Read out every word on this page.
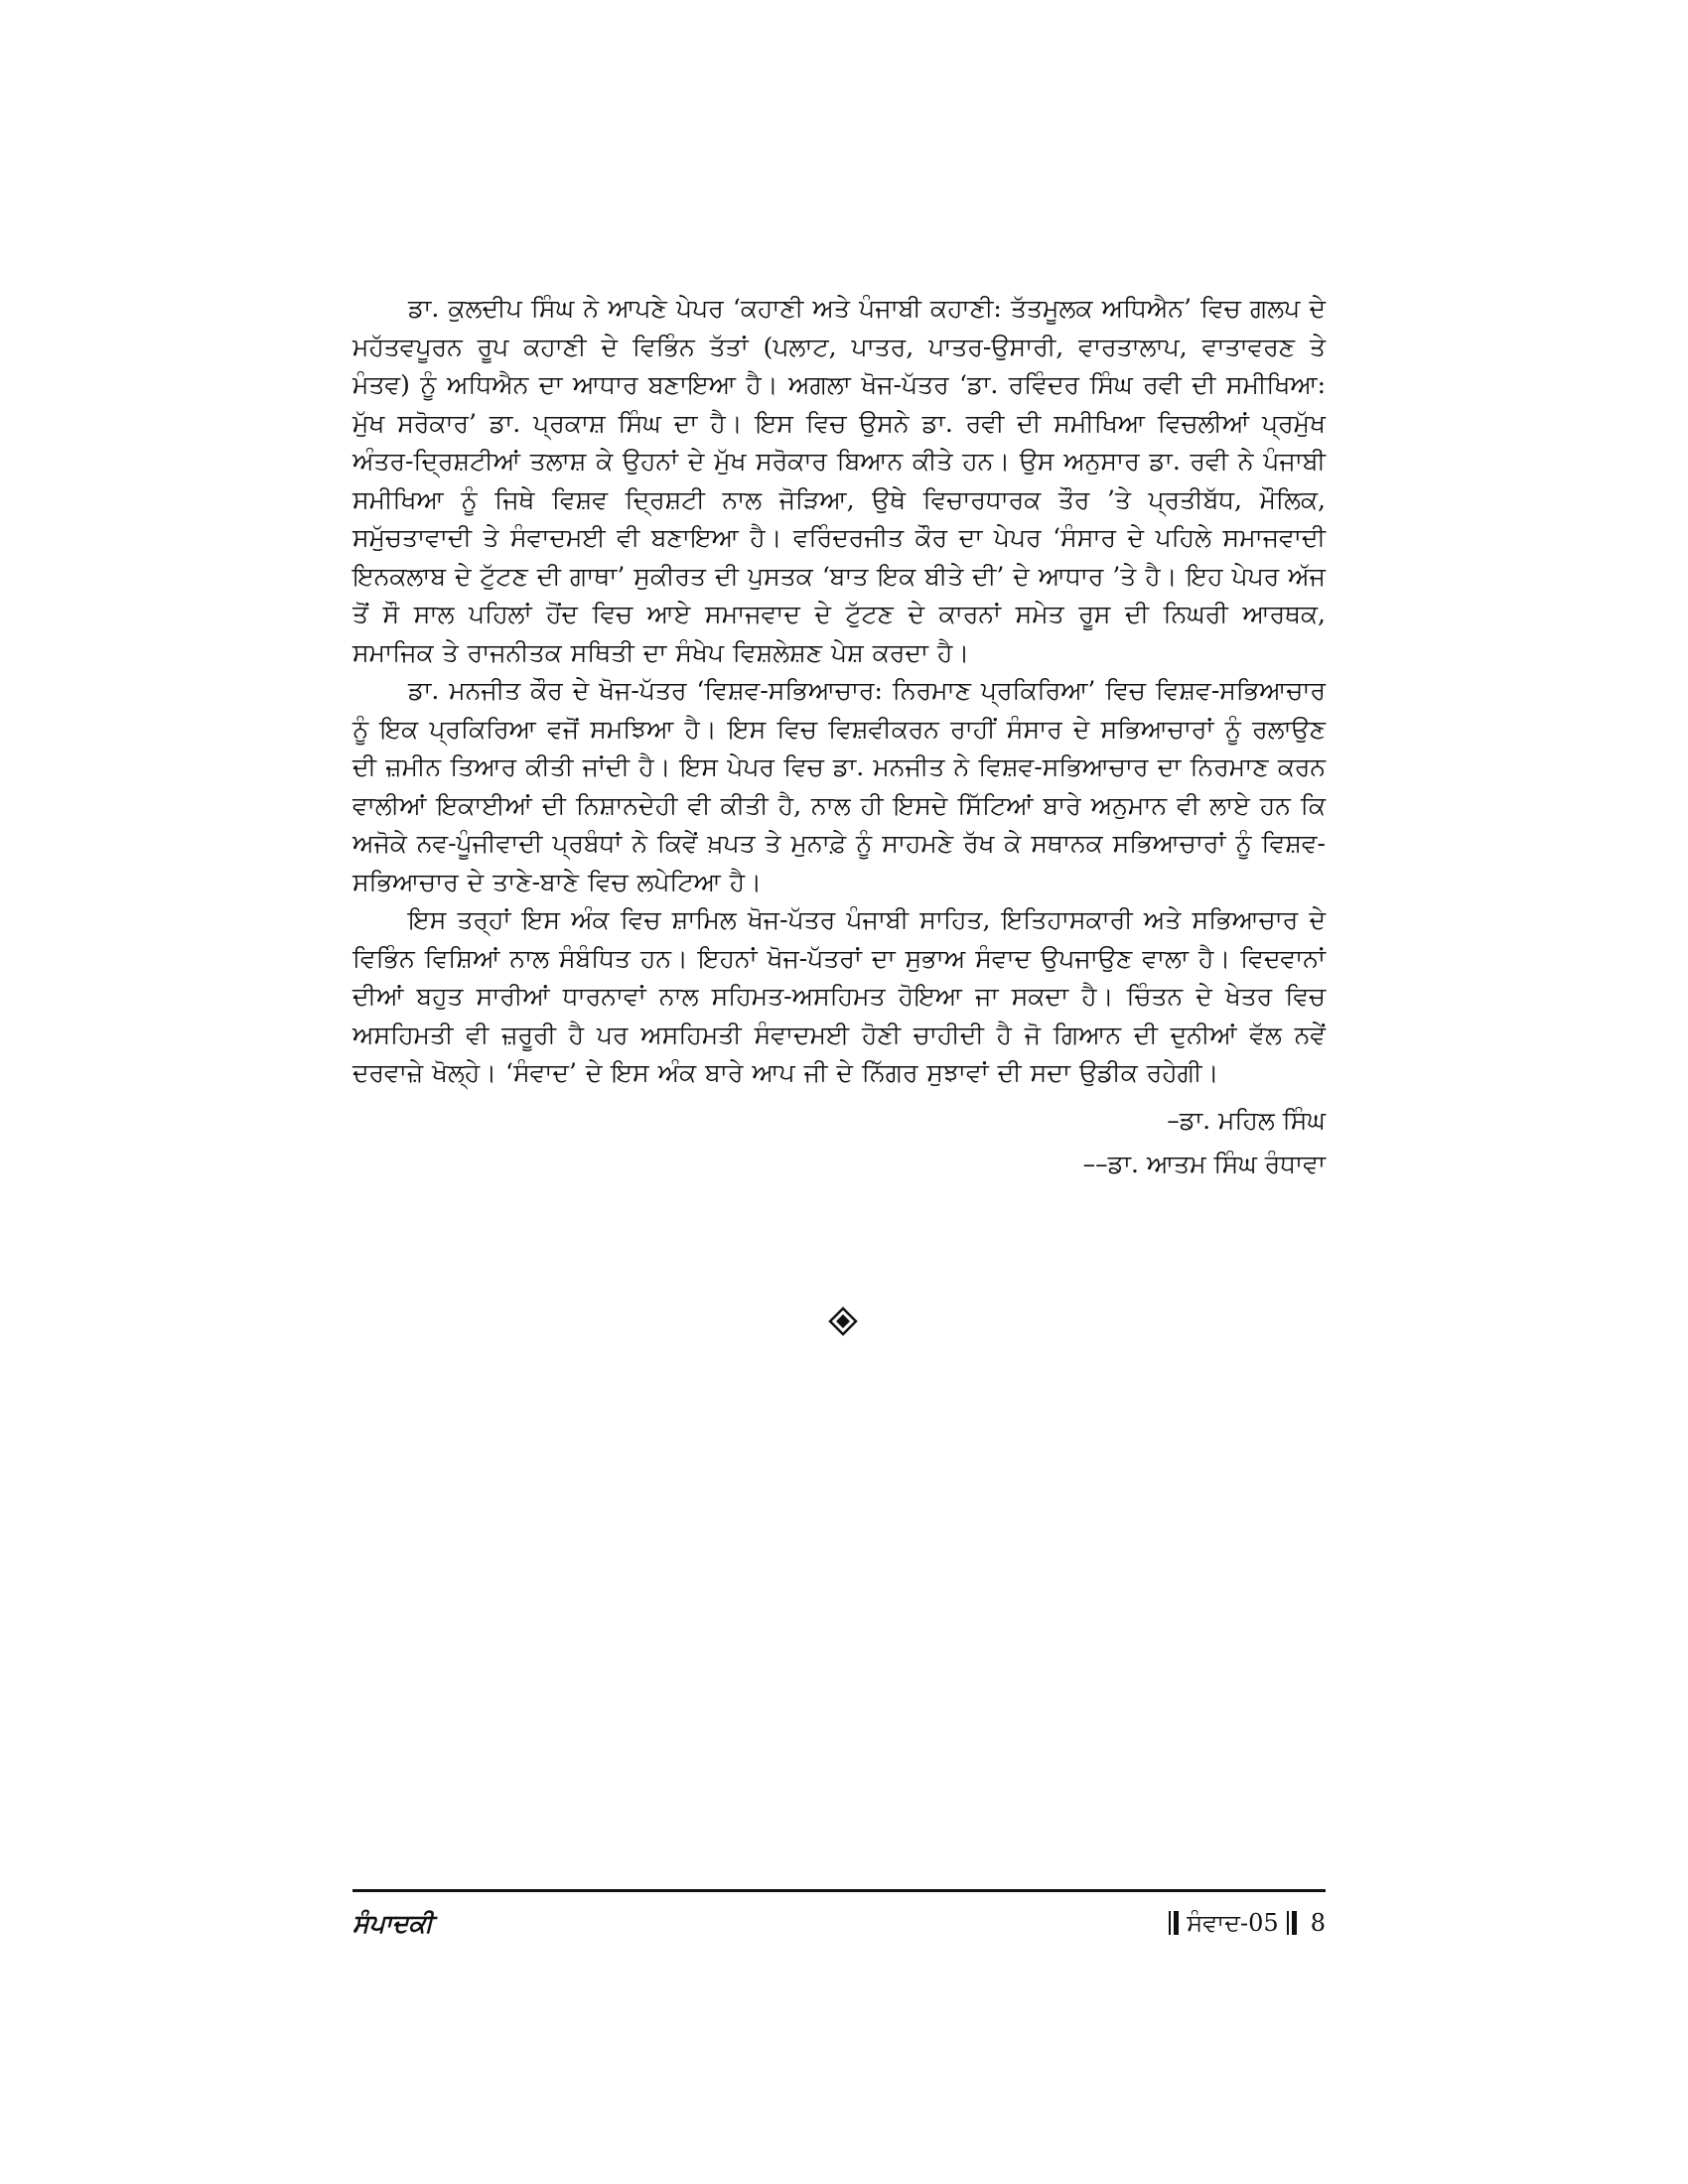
ਡਾ. ਕੁਲਦੀਪ ਸਿੰਘ ਨੇ ਆਪਣੇ ਪੇਪਰ ‘ਕਹਾਣੀ ਅਤੇ ਪੰਜਾਬੀ ਕਹਾਣੀ: ਤੱਤਮੂਲਕ ਅਧਿਐਨ’ ਵਿਚ ਗਲਪ ਦੇ ਮਹੱਤਵਪੂਰਨ ਰੂਪ ਕਹਾਣੀ ਦੇ ਵਿਭਿੰਨ ਤੱਤਾਂ (ਪਲਾਟ, ਪਾਤਰ, ਪਾਤਰ-ਉਸਾਰੀ, ਵਾਰਤਾਲਾਪ, ਵਾਤਾਵਰਣ ਤੇ ਮੰਤਵ) ਨੂੰ ਅਧਿਐਨ ਦਾ ਆਧਾਰ ਬਣਾਇਆ ਹੈ। ਅਗਲਾ ਖੋਜ-ਪੱਤਰ ‘ਡਾ. ਰਵਿੰਦਰ ਸਿੰਘ ਰਵੀ ਦੀ ਸਮੀਖਿਆ: ਮੁੱਖ ਸਰੋਕਾਰ’ ਡਾ. ਪ੍ਰਕਾਸ਼ ਸਿੰਘ ਦਾ ਹੈ। ਇਸ ਵਿਚ ਉਸਨੇ ਡਾ. ਰਵੀ ਦੀ ਸਮੀਖਿਆ ਵਿਚਲੀਆਂ ਪ੍ਰਮੁੱਖ ਅੰਤਰ-ਦ੍ਰਿਸ਼ਟੀਆਂ ਤਲਾਸ਼ ਕੇ ਉਹਨਾਂ ਦੇ ਮੁੱਖ ਸਰੋਕਾਰ ਬਿਆਨ ਕੀਤੇ ਹਨ। ਉਸ ਅਨੁਸਾਰ ਡਾ. ਰਵੀ ਨੇ ਪੰਜਾਬੀ ਸਮੀਖਿਆ ਨੂੰ ਜਿਥੇ ਵਿਸ਼ਵ ਦ੍ਰਿਸ਼ਟੀ ਨਾਲ ਜੋੜਿਆ, ਉਥੇ ਵਿਚਾਰਧਾਰਕ ਤੌਰ ’ਤੇ ਪ੍ਰਤੀਬੱਧ, ਮੌਲਿਕ, ਸਮੁੱਚਤਾਵਾਦੀ ਤੇ ਸੰਵਾਦਮਈ ਵੀ ਬਣਾਇਆ ਹੈ। ਵਰਿੰਦਰਜੀਤ ਕੌਰ ਦਾ ਪੇਪਰ ‘ਸੰਸਾਰ ਦੇ ਪਹਿਲੇ ਸਮਾਜਵਾਦੀ ਇਨਕਲਾਬ ਦੇ ਟੁੱਟਣ ਦੀ ਗਾਥਾ’ ਸੁਕੀਰਤ ਦੀ ਪੁਸਤਕ ‘ਬਾਤ ਇਕ ਬੀਤੇ ਦੀ’ ਦੇ ਆਧਾਰ ’ਤੇ ਹੈ। ਇਹ ਪੇਪਰ ਅੱਜ ਤੋਂ ਸੌ ਸਾਲ ਪਹਿਲਾਂ ਹੋਂਦ ਵਿਚ ਆਏ ਸਮਾਜਵਾਦ ਦੇ ਟੁੱਟਣ ਦੇ ਕਾਰਨਾਂ ਸਮੇਤ ਰੂਸ ਦੀ ਨਿਘਰੀ ਆਰਥਕ, ਸਮਾਜਿਕ ਤੇ ਰਾਜਨੀਤਕ ਸਥਿਤੀ ਦਾ ਸੰਖੇਪ ਵਿਸ਼ਲੇਸ਼ਣ ਪੇਸ਼ ਕਰਦਾ ਹੈ।

ਡਾ. ਮਨਜੀਤ ਕੌਰ ਦੇ ਖੋਜ-ਪੱਤਰ ‘ਵਿਸ਼ਵ-ਸਭਿਆਚਾਰ: ਨਿਰਮਾਣ ਪ੍ਰਕਿਰਿਆ’ ਵਿਚ ਵਿਸ਼ਵ-ਸਭਿਆਚਾਰ ਨੂੰ ਇਕ ਪ੍ਰਕਿਰਿਆ ਵਜੋਂ ਸਮਝਿਆ ਹੈ। ਇਸ ਵਿਚ ਵਿਸ਼ਵੀਕਰਨ ਰਾਹੀਂ ਸੰਸਾਰ ਦੇ ਸਭਿਆਚਾਰਾਂ ਨੂੰ ਰਲਾਉਣ ਦੀ ਜ਼ਮੀਨ ਤਿਆਰ ਕੀਤੀ ਜਾਂਦੀ ਹੈ। ਇਸ ਪੇਪਰ ਵਿਚ ਡਾ. ਮਨਜੀਤ ਨੇ ਵਿਸ਼ਵ-ਸਭਿਆਚਾਰ ਦਾ ਨਿਰਮਾਣ ਕਰਨ ਵਾਲੀਆਂ ਇਕਾਈਆਂ ਦੀ ਨਿਸ਼ਾਨਦੇਹੀ ਵੀ ਕੀਤੀ ਹੈ, ਨਾਲ ਹੀ ਇਸਦੇ ਸਿੱਟਿਆਂ ਬਾਰੇ ਅਨੁਮਾਨ ਵੀ ਲਾਏ ਹਨ ਕਿ ਅਜੋਕੇ ਨਵ-ਪੂੰਜੀਵਾਦੀ ਪ੍ਰਬੰਧਾਂ ਨੇ ਕਿਵੇਂ ਖ਼ਪਤ ਤੇ ਮੁਨਾਫ਼ੇ ਨੂੰ ਸਾਹਮਣੇ ਰੱਖ ਕੇ ਸਥਾਨਕ ਸਭਿਆਚਾਰਾਂ ਨੂੰ ਵਿਸ਼ਵ-ਸਭਿਆਚਾਰ ਦੇ ਤਾਣੇ-ਬਾਣੇ ਵਿਚ ਲਪੇਟਿਆ ਹੈ।

ਇਸ ਤਰ੍ਹਾਂ ਇਸ ਅੰਕ ਵਿਚ ਸ਼ਾਮਿਲ ਖੋਜ-ਪੱਤਰ ਪੰਜਾਬੀ ਸਾਹਿਤ, ਇਤਿਹਾਸਕਾਰੀ ਅਤੇ ਸਭਿਆਚਾਰ ਦੇ ਵਿਭਿੰਨ ਵਿਸ਼ਿਆਂ ਨਾਲ ਸੰਬੰਧਿਤ ਹਨ। ਇਹਨਾਂ ਖੋਜ-ਪੱਤਰਾਂ ਦਾ ਸੁਭਾਅ ਸੰਵਾਦ ਉਪਜਾਉਣ ਵਾਲਾ ਹੈ। ਵਿਦਵਾਨਾਂ ਦੀਆਂ ਬਹੁਤ ਸਾਰੀਆਂ ਧਾਰਨਾਵਾਂ ਨਾਲ ਸਹਿਮਤ-ਅਸਹਿਮਤ ਹੋਇਆ ਜਾ ਸਕਦਾ ਹੈ। ਚਿੰਤਨ ਦੇ ਖੇਤਰ ਵਿਚ ਅਸਹਿਮਤੀ ਵੀ ਜ਼ਰੂਰੀ ਹੈ ਪਰ ਅਸਹਿਮਤੀ ਸੰਵਾਦਮਈ ਹੋਣੀ ਚਾਹੀਦੀ ਹੈ ਜੋ ਗਿਆਨ ਦੀ ਦੁਨੀਆਂ ਵੱਲ ਨਵੇਂ ਦਰਵਾਜ਼ੇ ਖੋਲ੍ਹੇ। ‘ਸੰਵਾਦ’ ਦੇ ਇਸ ਅੰਕ ਬਾਰੇ ਆਪ ਜੀ ਦੇ ਨਿੱਗਰ ਸੁਝਾਵਾਂ ਦੀ ਸਦਾ ਉਡੀਕ ਰਹੇਗੀ।

–ਡਾ. ਮਹਿਲ ਸਿੰਘ
––ਡਾ. ਆਤਮ ਸਿੰਘ ਰੰਧਾਵਾ
ਸੰਪਾਦਕੀ	ਸੰਵਾਦ-05 8
